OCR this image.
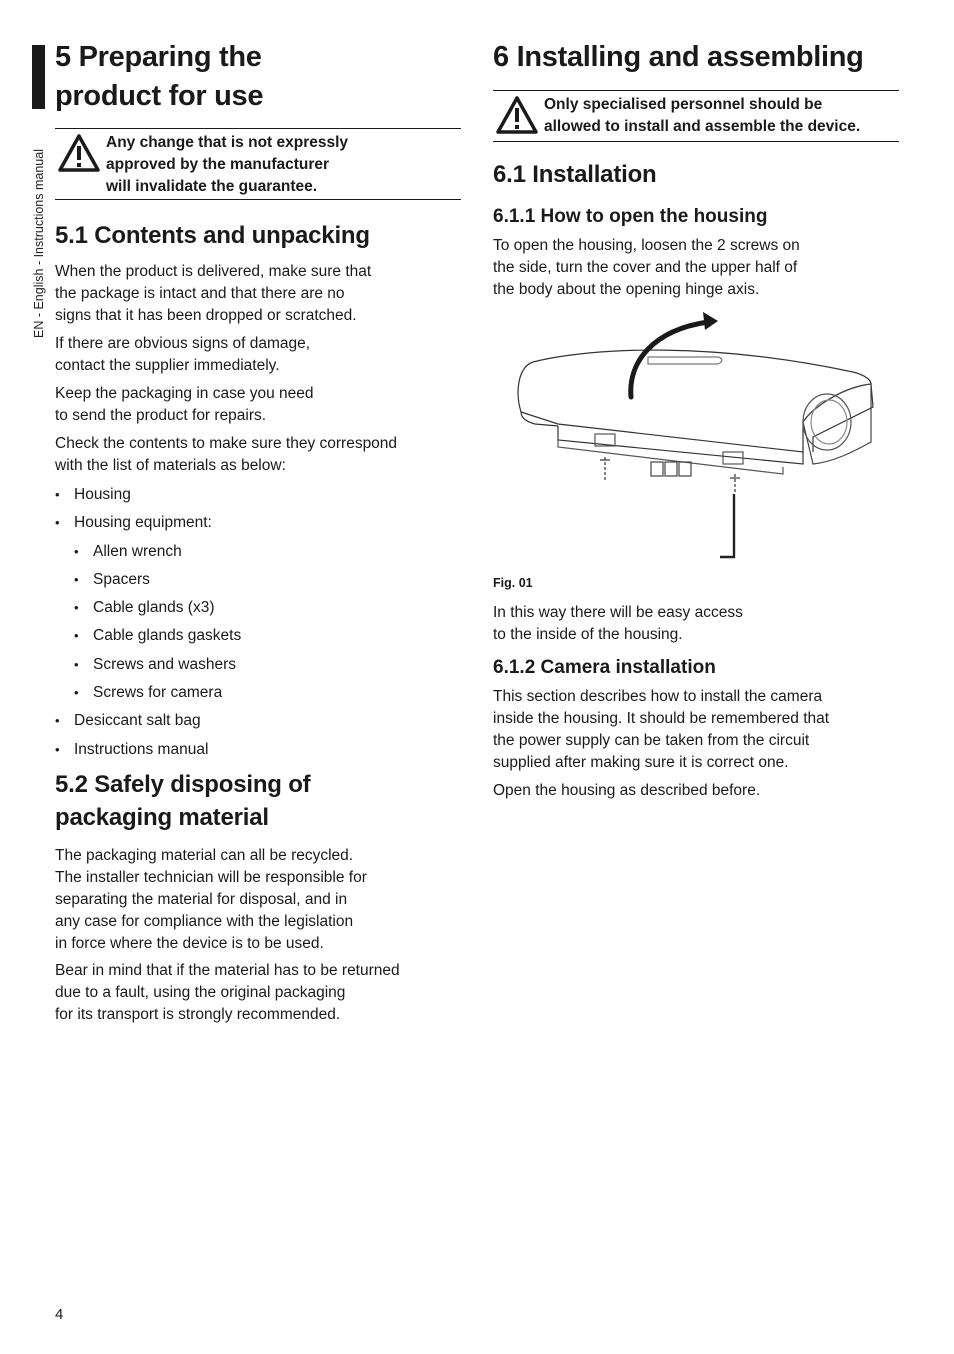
EN - English - Instructions manual
5 Preparing the
product for use
Any change that is not expressly
approved by the manufacturer
will invalidate the guarantee.
5.1 Contents and unpacking

When the product is delivered, make sure that
the package is intact and that there are no
signs that it has been dropped or scratched.

If there are obvious signs of damage,
contact the supplier immediately.

Keep the packaging in case you need
to send the product for repairs.

Check the contents to make sure they correspond
with the list of materials as below:

• Housing
• Housing equipment:
• Allen wrench
• Spacers
• Cable glands (x3)
• Cable glands gaskets
• Screws and washers
• Screws for camera
• Desiccant salt bag
• Instructions manual
5.2 Safely disposing of
packaging material

The packaging material can all be recycled.
The installer technician will be responsible for
separating the material for disposal, and in
any case for compliance with the legislation
in force where the device is to be used.

Bear in mind that if the material has to be returned
due to a fault, using the original packaging
for its transport is strongly recommended.

6 Installing and assembling
Only specialised personnel should be
allowed to install and assemble the device.
6.1 Installation
6.1.1 How to open the housing

To open the housing, loosen the 2 screws on
the side, turn the cover and the upper half of
the body about the opening hinge axis.

Fig. 01

In this way there will be easy access
to the inside of the housing.

6.1.2 Camera installation

This section describes how to install the camera
inside the housing. It should be remembered that
the power supply can be taken from the circuit
supplied after making sure it is correct one.

Open the housing as described before.

4
